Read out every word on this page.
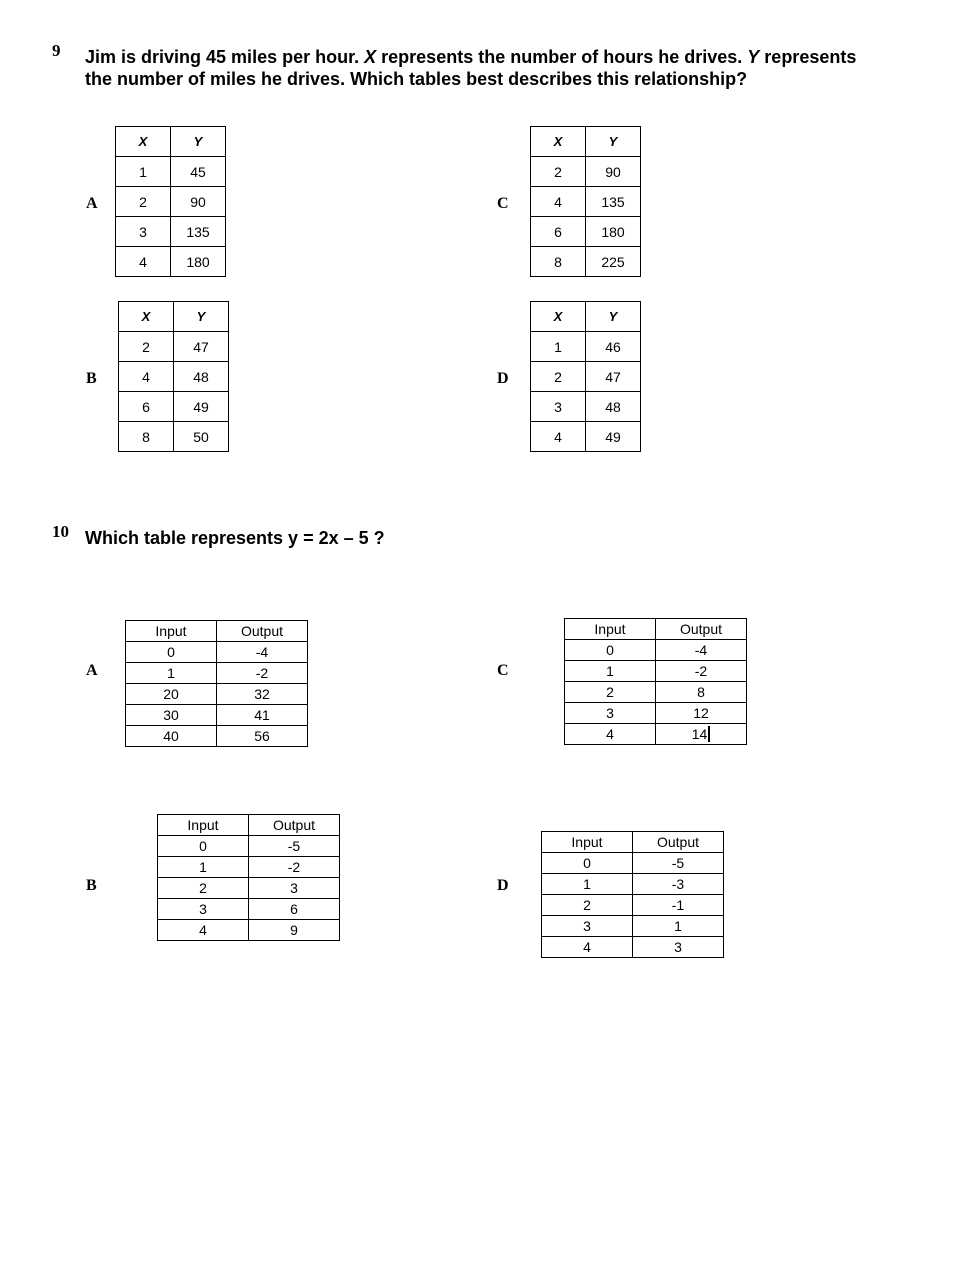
9 Jim is driving 45 miles per hour. X represents the number of hours he drives. Y represents the number of miles he drives. Which tables best describes this relationship?
A
X	Y
1	45
2	90
3	135
4	180
C
X	Y
2	90
4	135
6	180
8	225
B
X	Y
2	47
4	48
6	49
8	50
D
X	Y
1	46
2	47
3	48
4	49
10 Which table represents y = 2x – 5 ?
A
Input	Output
0	-4
1	-2
20	32
30	41
40	56
C
Input	Output
0	-4
1	-2
2	8
3	12
4	14
B
Input	Output
0	-5
1	-2
2	3
3	6
4	9
D
Input	Output
0	-5
1	-3
2	-1
3	1
4	3
